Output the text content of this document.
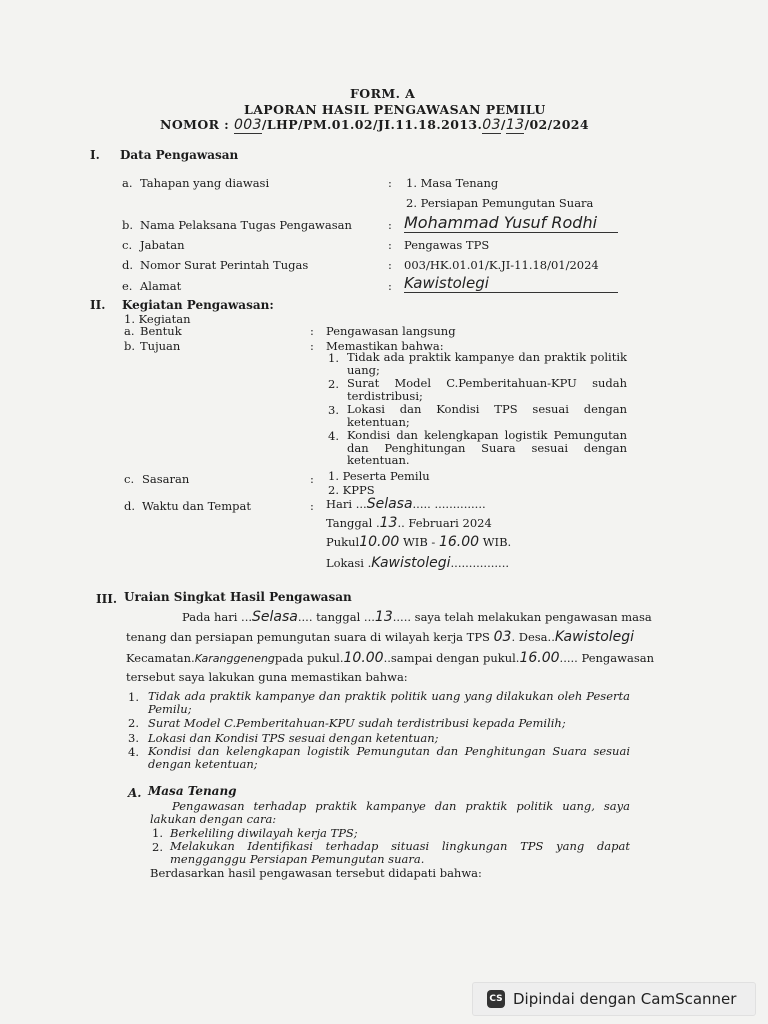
FORM. A
LAPORAN HASIL PENGAWASAN PEMILU
NOMOR : 003/LHP/PM.01.02/JI.11.18.2013.03/13/02/2024
I. Data Pengawasan
a. Tahapan yang diawasi	: 1. Masa Tenang
2. Persiapan Pemungutan Suara
b. Nama Pelaksana Tugas Pengawasan	: Mohammad Yusuf Rodhi
c. Jabatan	: Pengawas TPS
d. Nomor Surat Perintah Tugas	: 003/HK.01.01/K.JI-11.18/01/2024
e. Alamat	: Kawistolegi
II. Kegiatan Pengawasan:
1. Kegiatan
a. Bentuk	: Pengawasan langsung
b. Tujuan	: Memastikan bahwa:
1. Tidak ada praktik kampanye dan praktik politik uang;
2. Surat Model C.Pemberitahuan-KPU sudah terdistribusi;
3. Lokasi dan Kondisi TPS sesuai dengan ketentuan;
4. Kondisi dan kelengkapan logistik Pemungutan dan Penghitungan Suara sesuai dengan ketentuan.
c. Sasaran	: 1. Peserta Pemilu
2. KPPS
d. Waktu dan Tempat	: Hari ...Selasa..... ..............
Tanggal .13.. Februari 2024
Pukul10.00 WIB - 16.00 WIB.
Lokasi .Kawistolegi................
III. Uraian Singkat Hasil Pengawasan
Pada hari ...Selasa.... tanggal ...13..... saya telah melakukan pengawasan masa
tenang dan persiapan pemungutan suara di wilayah kerja TPS 03. Desa..Kawistolegi
Kecamatan.Karanggenengpada pukul.10.00..sampai dengan pukul.16.00..... Pengawasan
tersebut saya lakukan guna memastikan bahwa:
1. Tidak ada praktik kampanye dan praktik politik uang yang dilakukan oleh Peserta Pemilu;
2. Surat Model C.Pemberitahuan-KPU sudah terdistribusi kepada Pemilih;
3. Lokasi dan Kondisi TPS sesuai dengan ketentuan;
4. Kondisi dan kelengkapan logistik Pemungutan dan Penghitungan Suara sesuai dengan ketentuan;
A. Masa Tenang
Pengawasan terhadap praktik kampanye dan praktik politik uang, saya lakukan dengan cara:
1. Berkeliling diwilayah kerja TPS;
2. Melakukan Identifikasi terhadap situasi lingkungan TPS yang dapat mengganggu Persiapan Pemungutan suara.
Berdasarkan hasil pengawasan tersebut didapati bahwa:
CS Dipindai dengan CamScanner
